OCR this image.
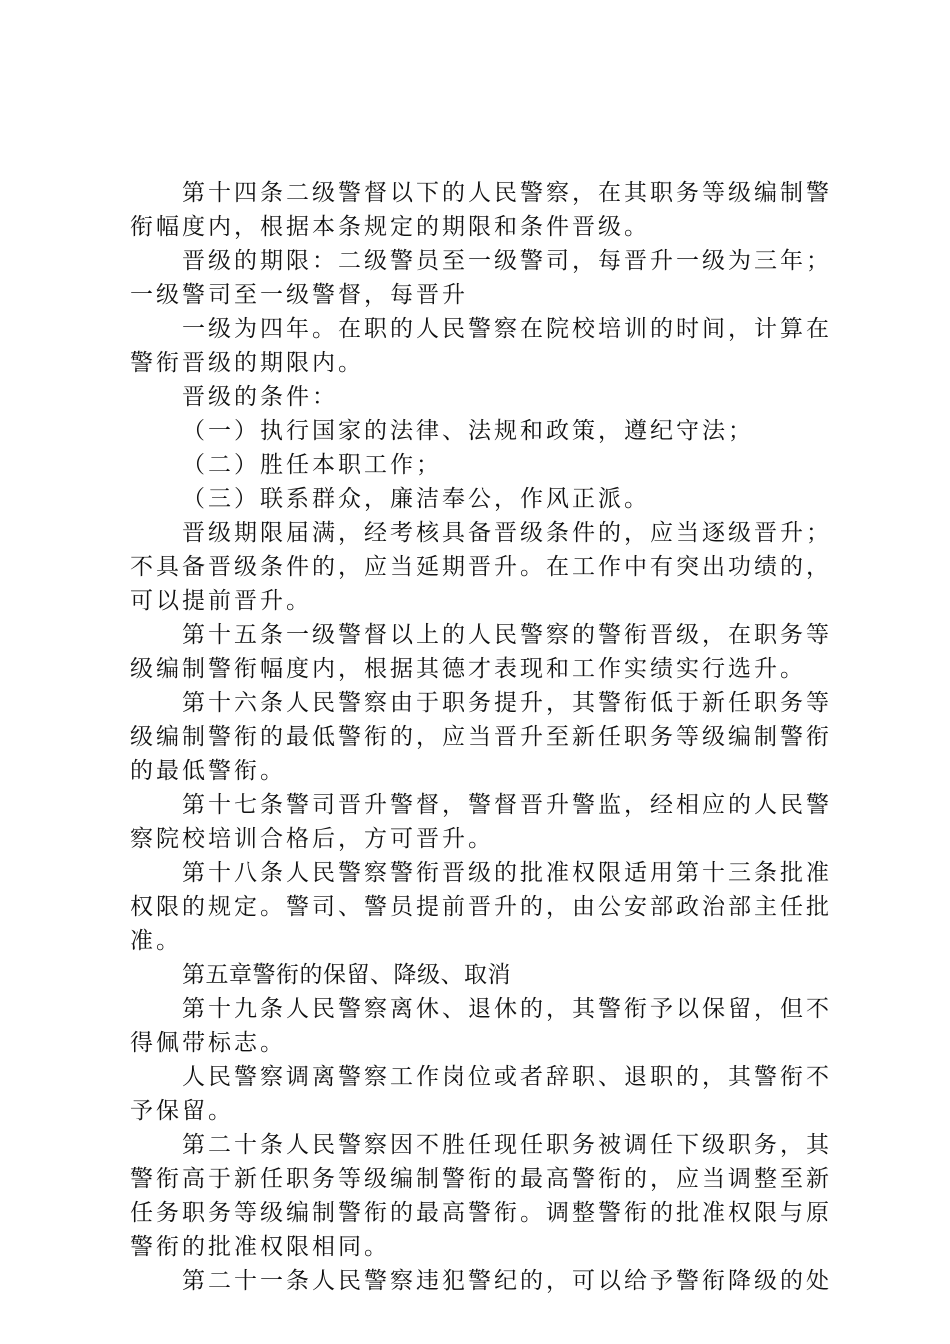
第十四条二级警督以下的人民警察，在其职务等级编制警衔幅度内，根据本条规定的期限和条件晋级。

晋级的期限：二级警员至一级警司，每晋升一级为三年；一级警司至一级警督，每晋升

一级为四年。在职的人民警察在院校培训的时间，计算在警衔晋级的期限内。

晋级的条件：

（一）执行国家的法律、法规和政策，遵纪守法；

（二）胜任本职工作；

（三）联系群众，廉洁奉公，作风正派。

晋级期限届满，经考核具备晋级条件的，应当逐级晋升；不具备晋级条件的，应当延期晋升。在工作中有突出功绩的，可以提前晋升。

第十五条一级警督以上的人民警察的警衔晋级，在职务等级编制警衔幅度内，根据其德才表现和工作实绩实行选升。

第十六条人民警察由于职务提升，其警衔低于新任职务等级编制警衔的最低警衔的，应当晋升至新任职务等级编制警衔的最低警衔。

第十七条警司晋升警督，警督晋升警监，经相应的人民警察院校培训合格后，方可晋升。

第十八条人民警察警衔晋级的批准权限适用第十三条批准权限的规定。警司、警员提前晋升的，由公安部政治部主任批准。

第五章警衔的保留、降级、取消

第十九条人民警察离休、退休的，其警衔予以保留，但不得佩带标志。

人民警察调离警察工作岗位或者辞职、退职的，其警衔不予保留。

第二十条人民警察因不胜任现任职务被调任下级职务，其警衔高于新任职务等级编制警衔的最高警衔的，应当调整至新任务职务等级编制警衔的最高警衔。调整警衔的批准权限与原警衔的批准权限相同。

第二十一条人民警察违犯警纪的，可以给予警衔降级的处
